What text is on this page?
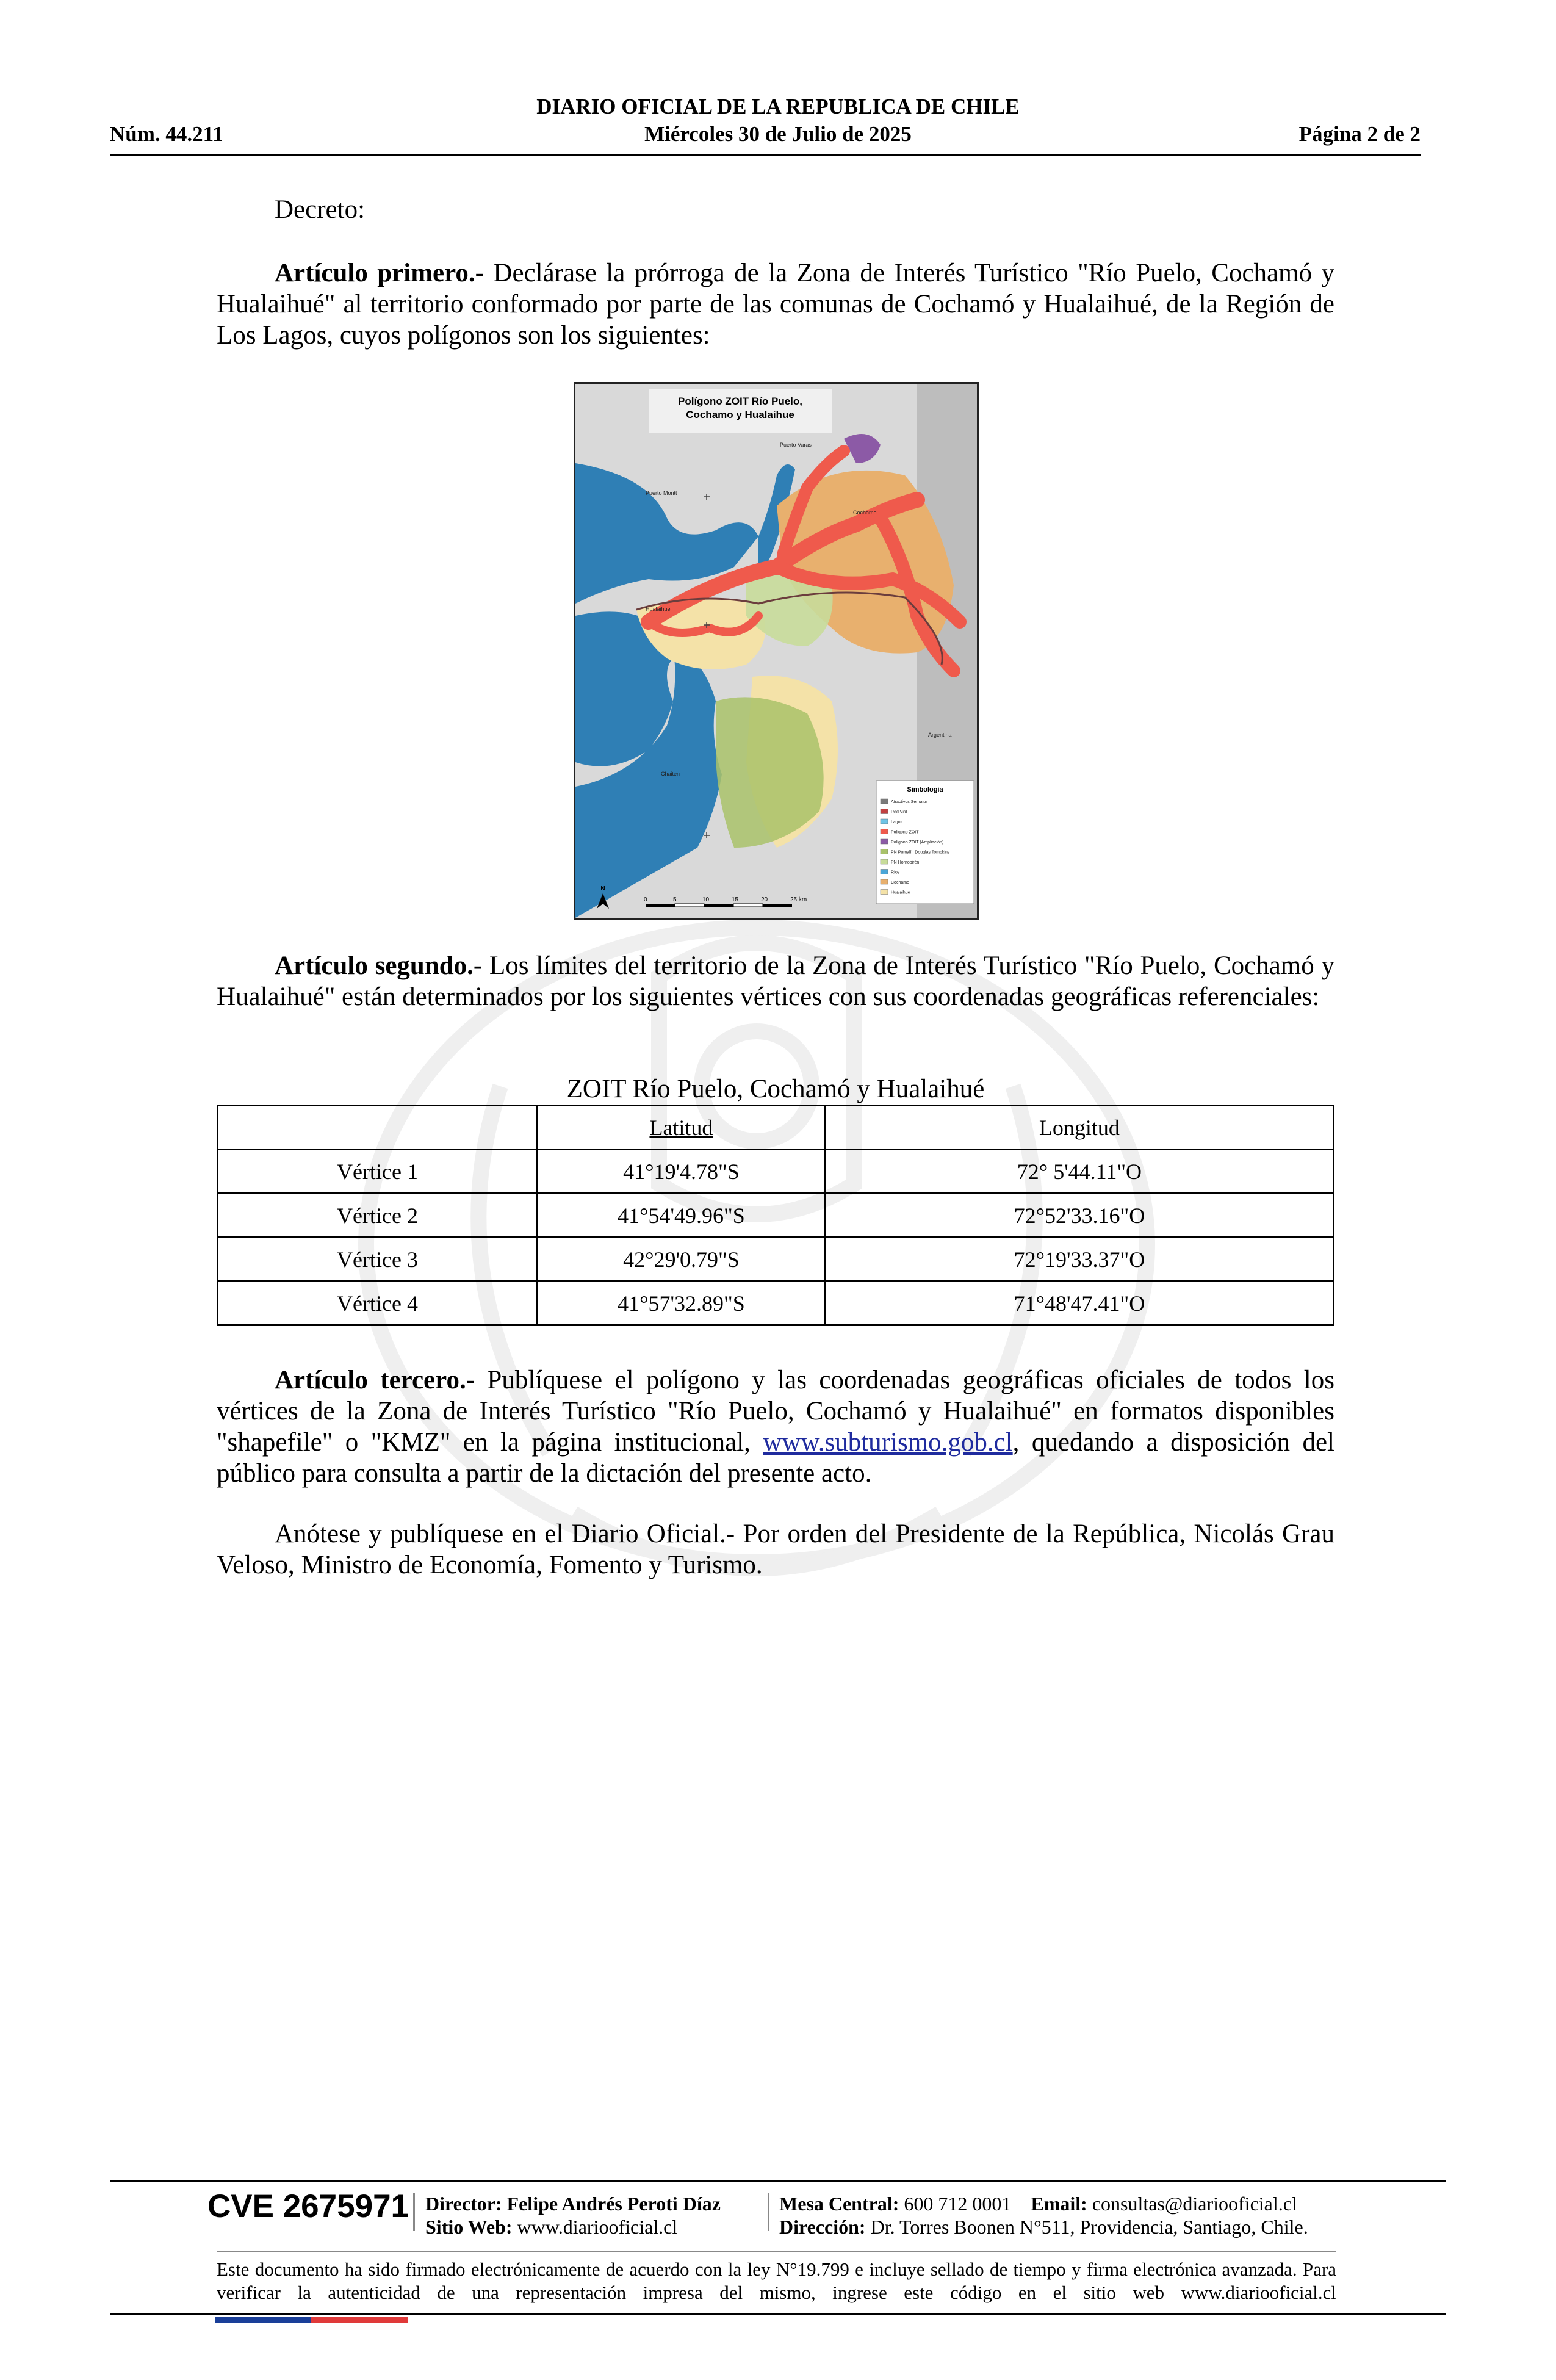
DIARIO OFICIAL DE LA REPUBLICA DE CHILE
Núm. 44.211	Miércoles 30 de Julio de 2025	Página 2 de 2
Decreto:
Artículo primero.- Declárase la prórroga de la Zona de Interés Turístico "Río Puelo, Cochamó y Hualaihué" al territorio conformado por parte de las comunas de Cochamó y Hualaihué, de la Región de Los Lagos, cuyos polígonos son los siguientes:
Polígono ZOIT Río Puelo,
Cochamo y Hualaihue
Puerto Varas
Puerto Montt
Cochamo
Hualaihue
Argentina
Chaiten
Simbología
Atractivos Sernatur
Red Vial
Lagos
Polígono ZOIT
Polígono ZOIT (Ampliación)
PN Pumalín Douglas Tompkins
PN Hornopirén
Ríos
Cochamo
Hualaihue
0	5	10	15	20	25 km
N
Artículo segundo.- Los límites del territorio de la Zona de Interés Turístico "Río Puelo, Cochamó y Hualaihué" están determinados por los siguientes vértices con sus coordenadas geográficas referenciales:
ZOIT Río Puelo, Cochamó y Hualaihué
	Latitud	Longitud
Vértice 1	41°19'4.78"S	72° 5'44.11"O
Vértice 2	41°54'49.96"S	72°52'33.16"O
Vértice 3	42°29'0.79"S	72°19'33.37"O
Vértice 4	41°57'32.89"S	71°48'47.41"O
Artículo tercero.- Publíquese el polígono y las coordenadas geográficas oficiales de todos los vértices de la Zona de Interés Turístico "Río Puelo, Cochamó y Hualaihué" en formatos disponibles "shapefile" o "KMZ" en la página institucional, www.subturismo.gob.cl, quedando a disposición del público para consulta a partir de la dictación del presente acto.
Anótese y publíquese en el Diario Oficial.- Por orden del Presidente de la República, Nicolás Grau Veloso, Ministro de Economía, Fomento y Turismo.
CVE 2675971 Director: Felipe Andrés Peroti Díaz
Sitio Web: www.diariooficial.cl
Mesa Central: 600 712 0001 Email: consultas@diariooficial.cl
Dirección: Dr. Torres Boonen N°511, Providencia, Santiago, Chile.
Este documento ha sido firmado electrónicamente de acuerdo con la ley N°19.799 e incluye sellado de tiempo y firma electrónica avanzada. Para verificar la autenticidad de una representación impresa del mismo, ingrese este código en el sitio web www.diariooficial.cl
